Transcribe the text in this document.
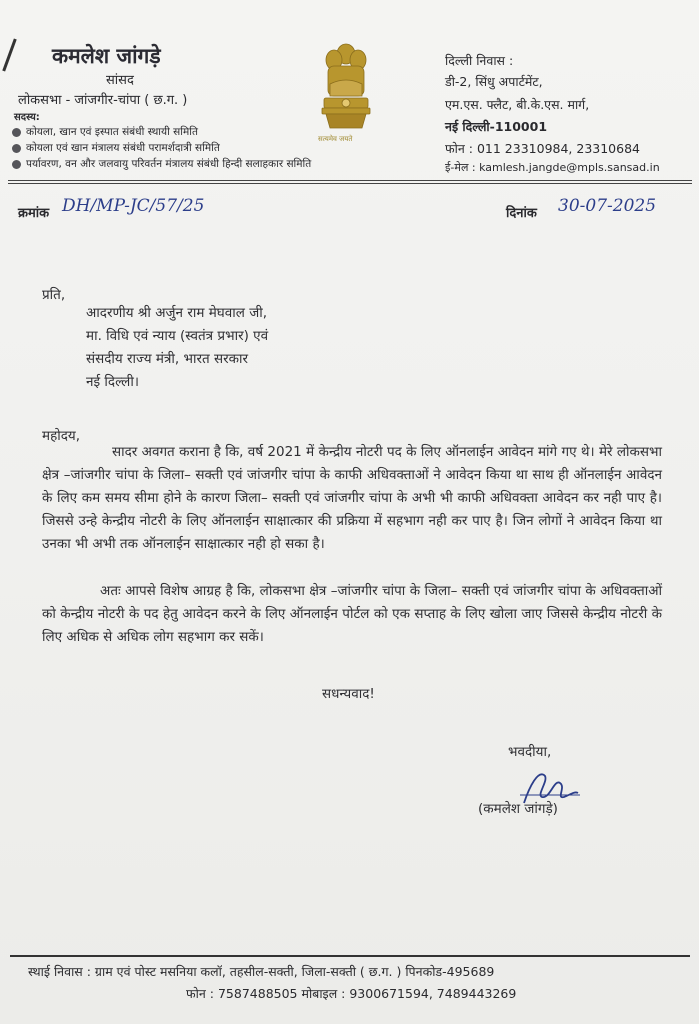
कमलेश जांगड़े
सांसद
लोकसभा - जांजगीर-चांपा ( छ.ग. )
सदस्य:
कोयला, खान एवं इस्पात संबंधी स्थायी समिति
कोयला एवं खान मंत्रालय संबंधी परामर्शदात्री समिति
पर्यावरण, वन और जलवायु परिवर्तन मंत्रालय संबंधी हिन्दी सलाहकार समिति
सत्यमेव जयते
दिल्ली निवास :
डी-2, सिंधु अपार्टमेंट,
एम.एस. फ्लैट, बी.के.एस. मार्ग,
नई दिल्ली-110001
फोन : 011 23310984, 23310684
ई-मेल : kamlesh.jangde@mpls.sansad.in
क्रमांक DH/MP-JC/57/25	दिनांक 30-07-2025
प्रति,
आदरणीय श्री अर्जुन राम मेघवाल जी,
मा. विधि एवं न्याय (स्वतंत्र प्रभार) एवं
संसदीय राज्य मंत्री, भारत सरकार
नई दिल्ली।
महोदय,
सादर अवगत कराना है कि, वर्ष 2021 में केन्द्रीय नोटरी पद के लिए ऑनलाईन आवेदन मांगे गए थे। मेरे लोकसभा क्षेत्र –जांजगीर चांपा के जिला– सक्ती एवं जांजगीर चांपा के काफी अधिवक्ताओं ने आवेदन किया था साथ ही ऑनलाईन आवेदन के लिए कम समय सीमा होने के कारण जिला– सक्ती एवं जांजगीर चांपा के अभी भी काफी अधिवक्ता आवेदन कर नही पाए है। जिससे उन्हे केन्द्रीय नोटरी के लिए ऑनलाईन साक्षात्कार की प्रक्रिया में सहभाग नही कर पाए है। जिन लोगों ने आवेदन किया था उनका भी अभी तक ऑनलाईन साक्षात्कार नही हो सका है।
अतः आपसे विशेष आग्रह है कि, लोकसभा क्षेत्र –जांजगीर चांपा के जिला– सक्ती एवं जांजगीर चांपा के अधिवक्ताओं को केन्द्रीय नोटरी के पद हेतु आवेदन करने के लिए ऑनलाईन पोर्टल को एक सप्ताह के लिए खोला जाए जिससे केन्द्रीय नोटरी के लिए अधिक से अधिक लोग सहभाग कर सकें।
सधन्यवाद!
भवदीया,
(कमलेश जांगड़े)
स्थाई निवास : ग्राम एवं पोस्ट मसनिया कलॉ, तहसील-सक्ती, जिला-सक्ती ( छ.ग. ) पिनकोड-495689
फोन : 7587488505 मोबाइल : 9300671594, 7489443269
